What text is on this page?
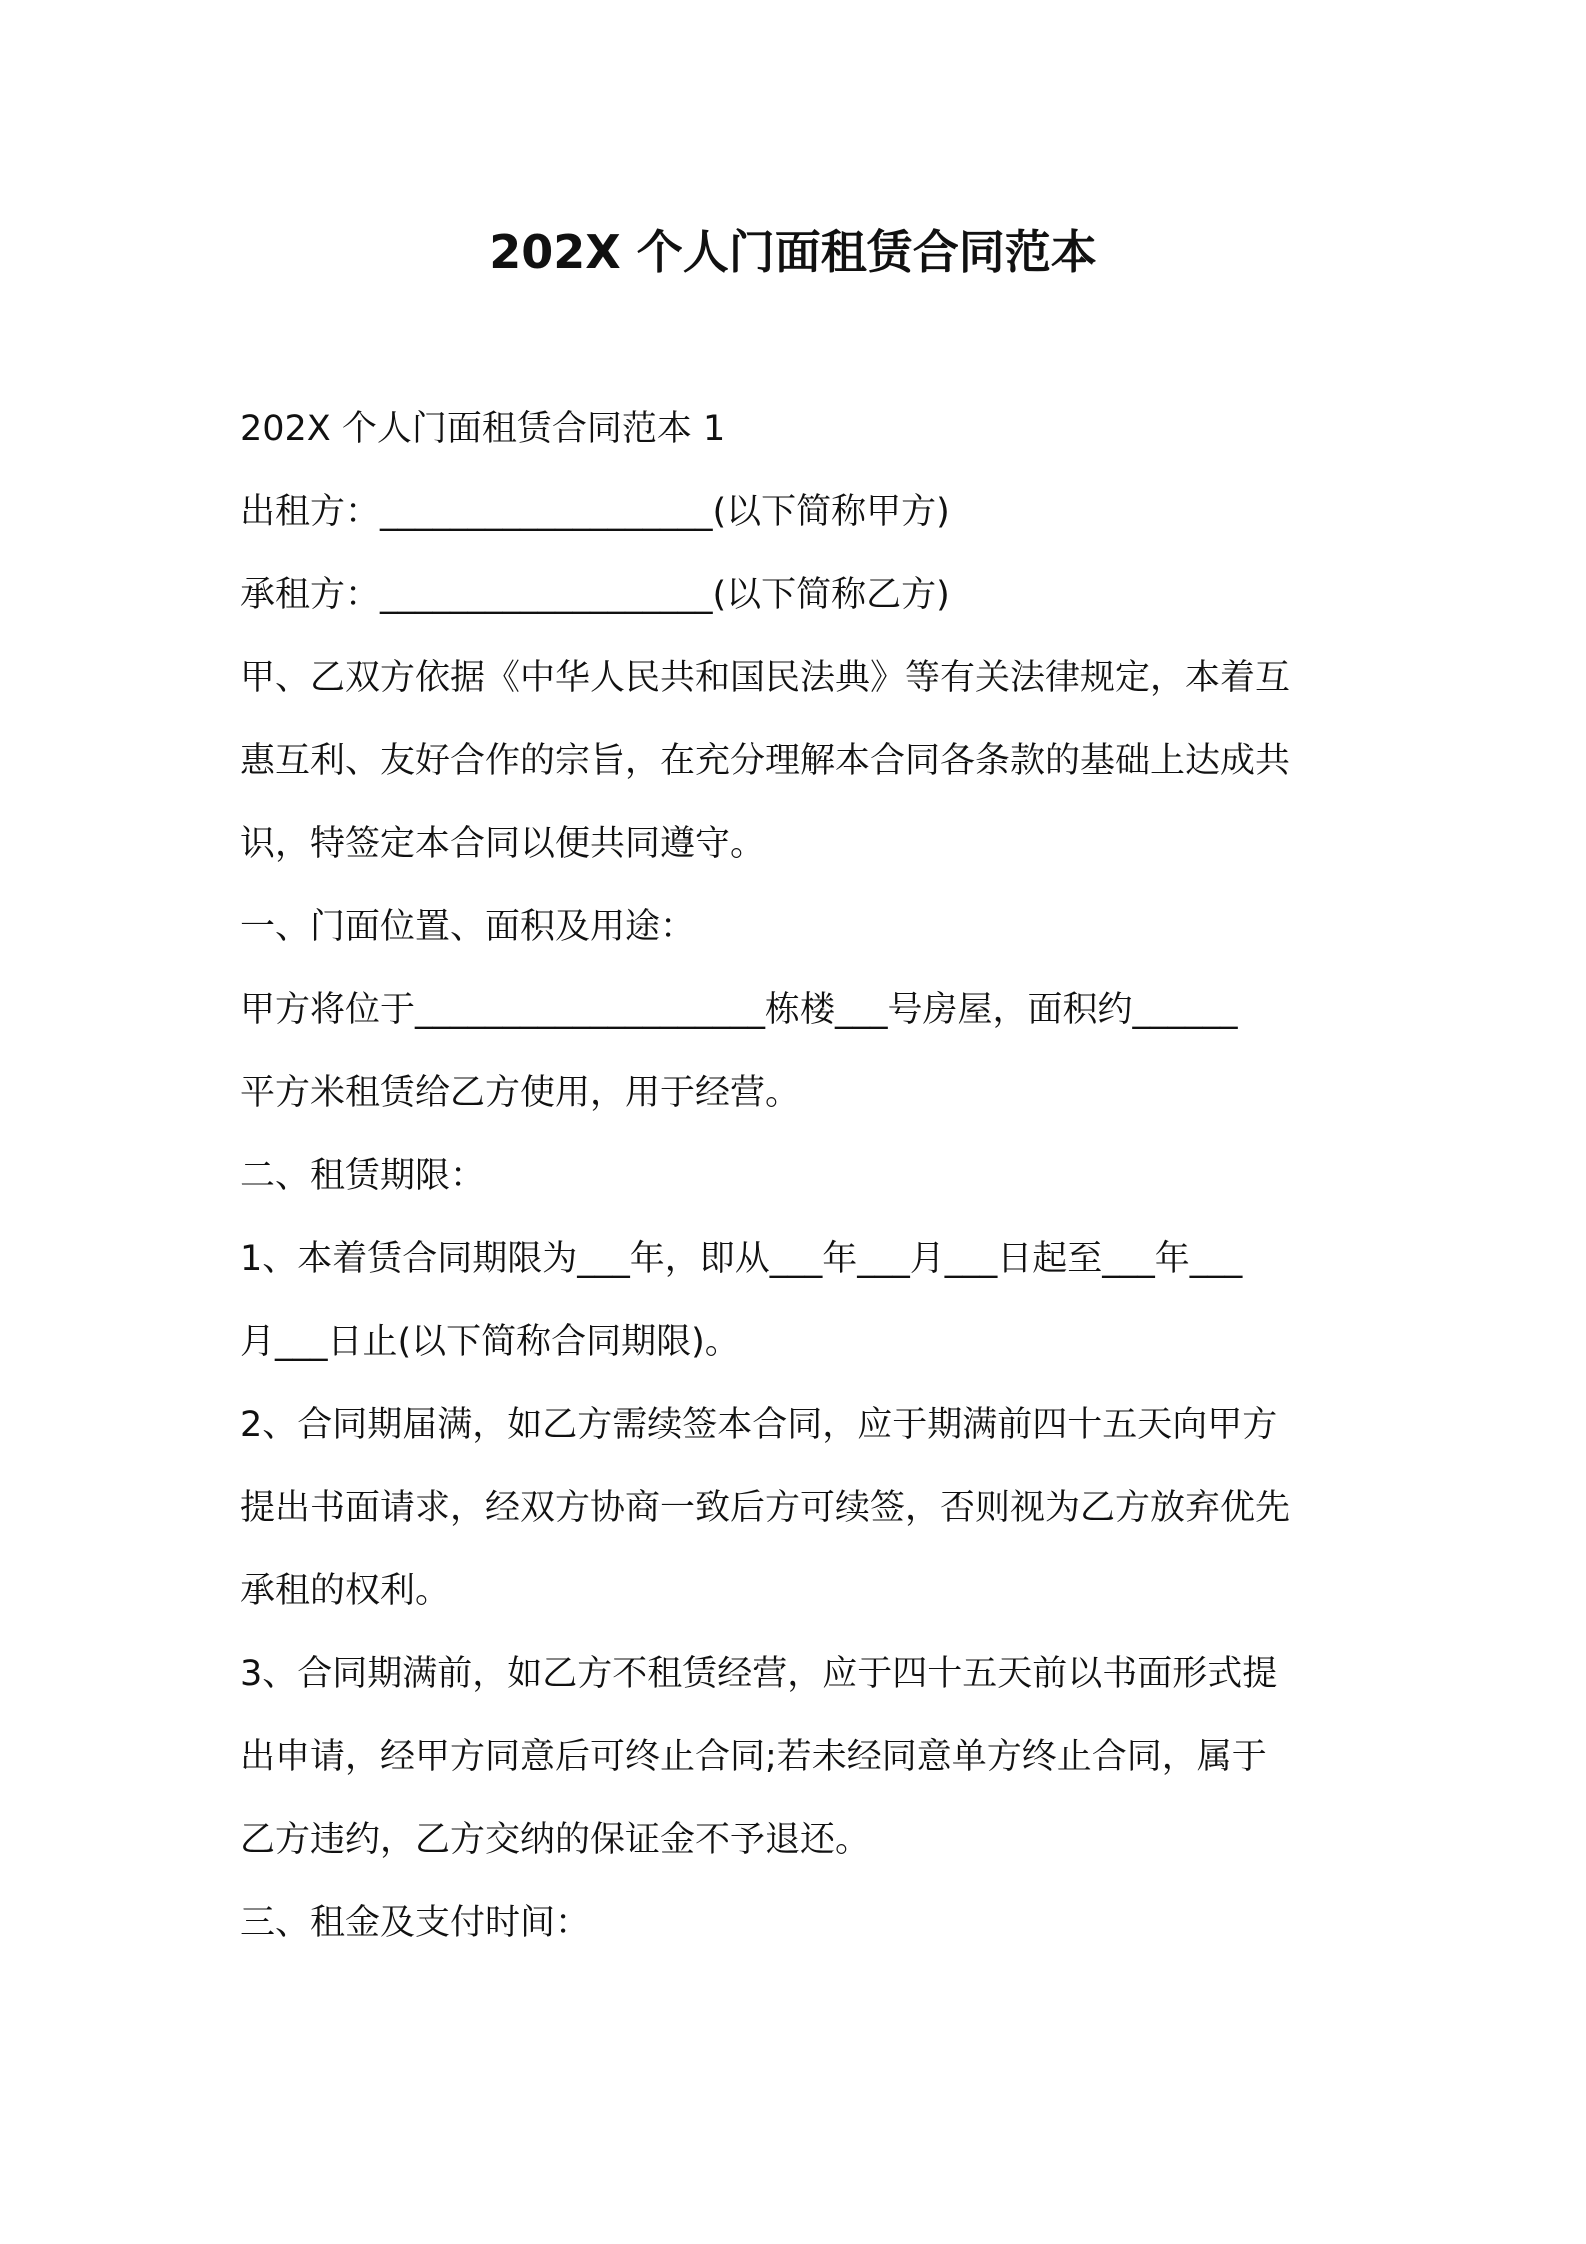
202X 个人门面租赁合同范本
202X 个人门面租赁合同范本 1
出租方：___________________(以下简称甲方)
承租方：___________________(以下简称乙方)
甲、乙双方依据《中华人民共和国民法典》等有关法律规定，本着互
惠互利、友好合作的宗旨，在充分理解本合同各条款的基础上达成共
识，特签定本合同以便共同遵守。
一、门面位置、面积及用途：
甲方将位于____________________栋楼___号房屋，面积约______
平方米租赁给乙方使用，用于经营。
二、租赁期限：
1、本着赁合同期限为___年，即从___年___月___日起至___年___
月___日止(以下简称合同期限)。
2、合同期届满，如乙方需续签本合同，应于期满前四十五天向甲方
提出书面请求，经双方协商一致后方可续签，否则视为乙方放弃优先
承租的权利。
3、合同期满前，如乙方不租赁经营，应于四十五天前以书面形式提
出申请，经甲方同意后可终止合同;若未经同意单方终止合同，属于
乙方违约，乙方交纳的保证金不予退还。
三、租金及支付时间：
